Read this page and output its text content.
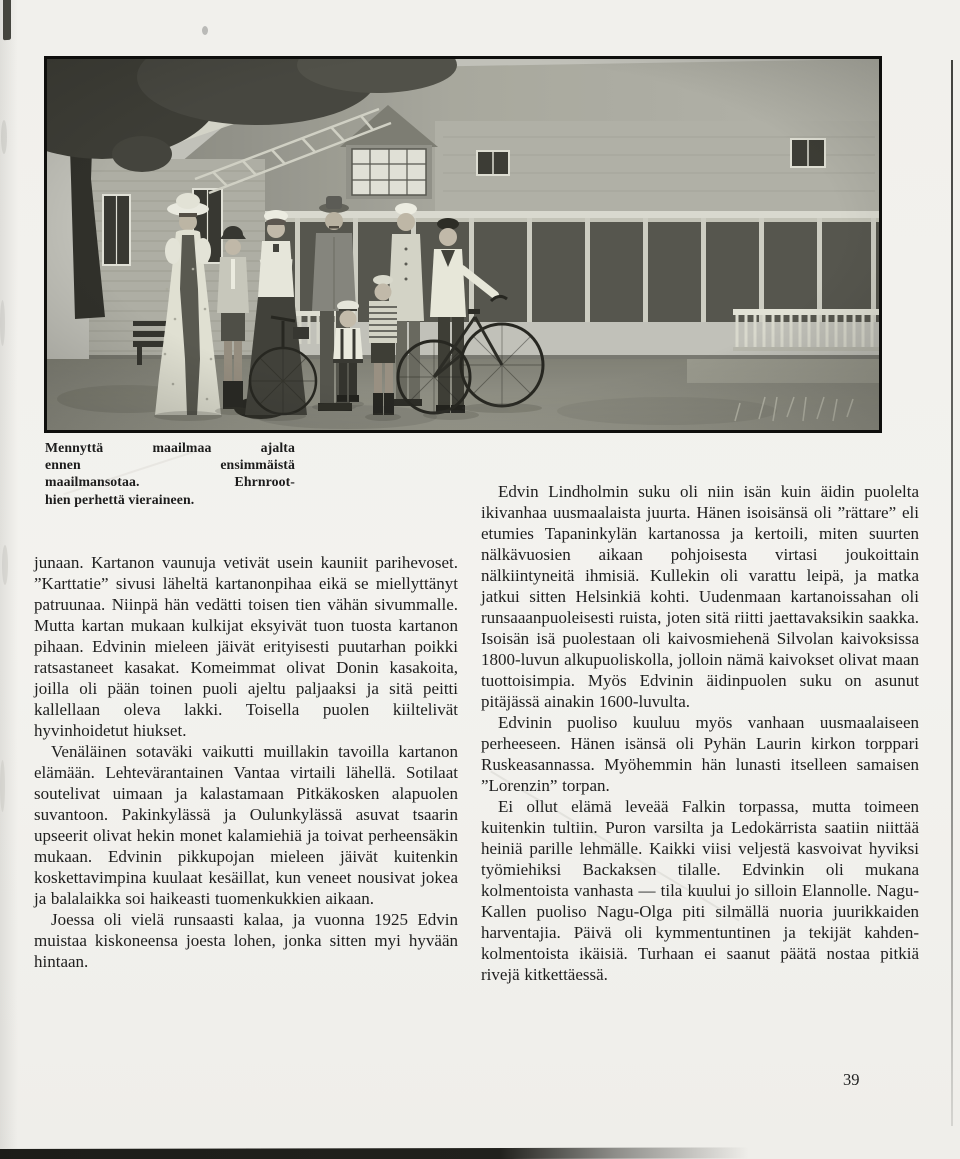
Mennyttä maailmaa ajalta
ennen ensimmäistä
maailmansotaa. Ehrnroot-
hien perhettä vieraineen.

junaan. Kartanon vaunuja vetivät usein kauniit parihevoset. ”Karttatie” sivusi läheltä kartanonpihaa eikä se miellyttänyt patruunaa. Niinpä hän vedätti toisen tien vähän sivummalle. Mutta kartan mukaan kulkijat eksyivät tuon tuosta kartanon pihaan. Edvinin mieleen jäivät erityisesti puutarhan poikki ratsastaneet kasakat. Komeimmat olivat Donin kasakoita, joilla oli pään toinen puoli ajeltu paljaaksi ja sitä peitti kallellaan oleva lakki. Toisella puolen kiiltelivät hyvinhoidetut hiukset.

Venäläinen sotaväki vaikutti muillakin tavoilla kartanon elämään. Lehtevärantainen Vantaa virtaili lähellä. Sotilaat soutelivat uimaan ja kalastamaan Pitkäkosken alapuolen suvantoon. Pakinkylässä ja Oulunkylässä asuvat tsaarin upseerit olivat hekin monet kalamiehiä ja toivat perheensäkin mukaan. Edvinin pikkupojan mieleen jäivät kuitenkin koskettavimpina kuulaat kesäillat, kun veneet nousivat jokea ja balalaikka soi haikeasti tuomenkukkien aikaan.

Joessa oli vielä runsaasti kalaa, ja vuonna 1925 Edvin muistaa kiskoneensa joesta lohen, jonka sitten myi hyvään hintaan.

Edvin Lindholmin suku oli niin isän kuin äidin puolelta ikivanhaa uusmaalaista juurta. Hänen isoisänsä oli ”rättare” eli etumies Tapaninkylän kartanossa ja kertoili, miten suurten nälkävuosien aikaan pohjoisesta virtasi joukoittain nälkiintyneitä ihmisiä. Kullekin oli varattu leipä, ja matka jatkui sitten Helsinkiä kohti. Uudenmaan kartanoissahan oli runsaaanpuoleisesti ruista, joten sitä riitti jaettavaksikin saakka. Isoisän isä puolestaan oli kaivosmiehenä Silvolan kaivoksissa 1800-luvun alkupuoliskolla, jolloin nämä kaivokset olivat maan tuottoisimpia. Myös Edvinin äidinpuolen suku on asunut pitäjässä ainakin 1600-luvulta.

Edvinin puoliso kuuluu myös vanhaan uusmaalaiseen perheeseen. Hänen isänsä oli Pyhän Laurin kirkon torppari Ruskeasannassa. Myöhemmin hän lunasti itselleen samaisen ”Lorenzin” torpan.

Ei ollut elämä leveää Falkin torpassa, mutta toimeen kuitenkin tultiin. Puron varsilta ja Ledokärrista saatiin niittää heiniä parille lehmälle. Kaikki viisi veljestä kasvoivat hyviksi työmiehiksi Backaksen tilalle. Edvinkin oli mukana kolmentoista vanhasta — tila kuului jo silloin Elannolle. Nagu-Kallen puoliso Nagu-Olga piti silmällä nuoria juurikkaiden harventajia. Päivä oli kymmentuntinen ja tekijät kahden-kolmentoista ikäisiä. Turhaan ei saanut päätä nostaa pitkiä rivejä kitkettäessä.

39
